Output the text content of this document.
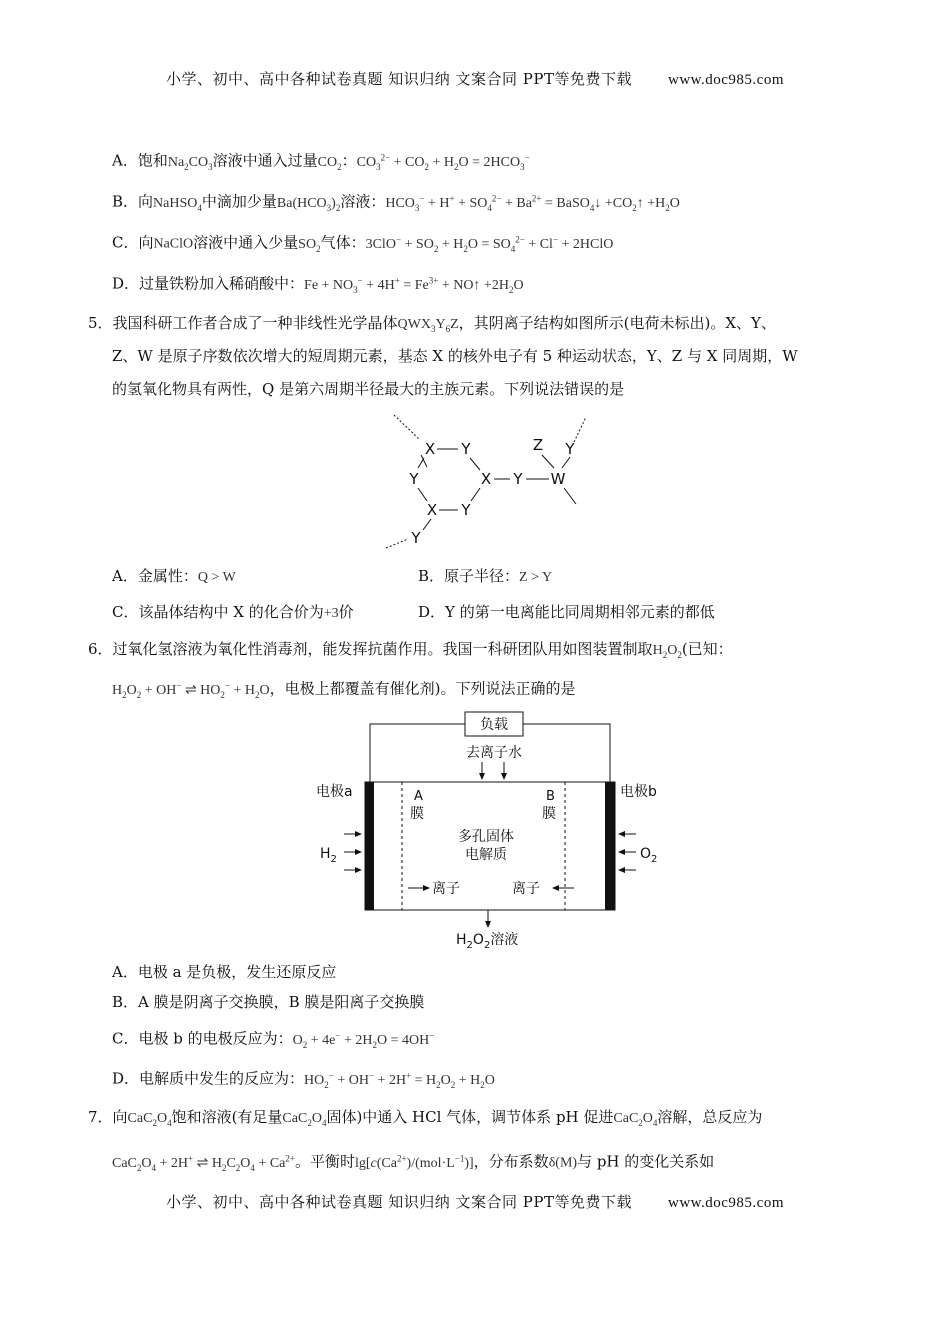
小学、初中、高中各种试卷真题 知识归纳 文案合同 PPT等免费下载 www.doc985.com
A．饱和$Na_2CO_3$溶液中通入过量$CO_2$：$CO_3^{2-} + CO_2 + H_2O = 2HCO_3^-$
B．向NaHSO$_4$中滴加少量$Ba(HCO_3)_2$溶液：$HCO_3^- + H^+ + SO_4^{2-} + Ba^{2+}$ = BaSO$_4$↓ $+CO_2↑ +H_2O$
C．向NaClO溶液中通入少量$SO_2$气体：$3ClO^- + SO_2 + H_2O = SO_4^{2-} + Cl^-$ + 2HClO
D．过量铁粉加入稀硝酸中：$Fe + NO_3^- + 4H^+ = Fe^{3+}$ + NO↑ $+2H_2O$
5．我国科研工作者合成了一种非线性光学晶体$QWX_3Y_6Z$，其阴离子结构如图所示(电荷未标出)。X、Y、
Z、W 是原子序数依次增大的短周期元素，基态 X 的核外电子有 5 种运动状态，Y、Z 与 X 同周期，W
的氢氧化物具有两性，Q 是第六周期半径最大的主族元素。下列说法错误的是
X Y
Y	X
X Y
Y W
Z Y
Y
A．金属性：Q > W	B．原子半径：Z > Y
C．该晶体结构中 X 的化合价为+3价	D．Y 的第一电离能比同周期相邻元素的都低
6．过氧化氢溶液为氧化性消毒剂，能发挥抗菌作用。我国一科研团队用如图装置制取$H_2O_2$(已知：
$H_2O_2 + OH^-$ ⇌ $HO_2^- + H_2O$，电极上都覆盖有催化剂)。下列说法正确的是
负载
去离子水
电极a	电极b
A
膜
B
膜
多孔固体
电解质
离子	离子
$H_2$	$O_2$
$H_2O_2$溶液
A．电极 a 是负极，发生还原反应
B．A 膜是阴离子交换膜，B 膜是阳离子交换膜
C．电极 b 的电极反应为：$O_2 + 4e^- + 2H_2O = 4OH^-$
D．电解质中发生的反应为：$HO_2^- + OH^- + 2H^+ = H_2O_2 + H_2O$
7．向$CaC_2O_4$饱和溶液(有足量$CaC_2O_4$固体)中通入 HCl 气体，调节体系 pH 促进$CaC_2O_4$溶解，总反应为
$CaC_2O_4 + 2H^+$ ⇌ $H_2C_2O_4 + Ca^{2+}$。平衡时$\lg[c(Ca^{2+})/(mol\cdot L^{-1})]$，分布系数δ(M)与 pH 的变化关系如
小学、初中、高中各种试卷真题 知识归纳 文案合同 PPT等免费下载 www.doc985.com
